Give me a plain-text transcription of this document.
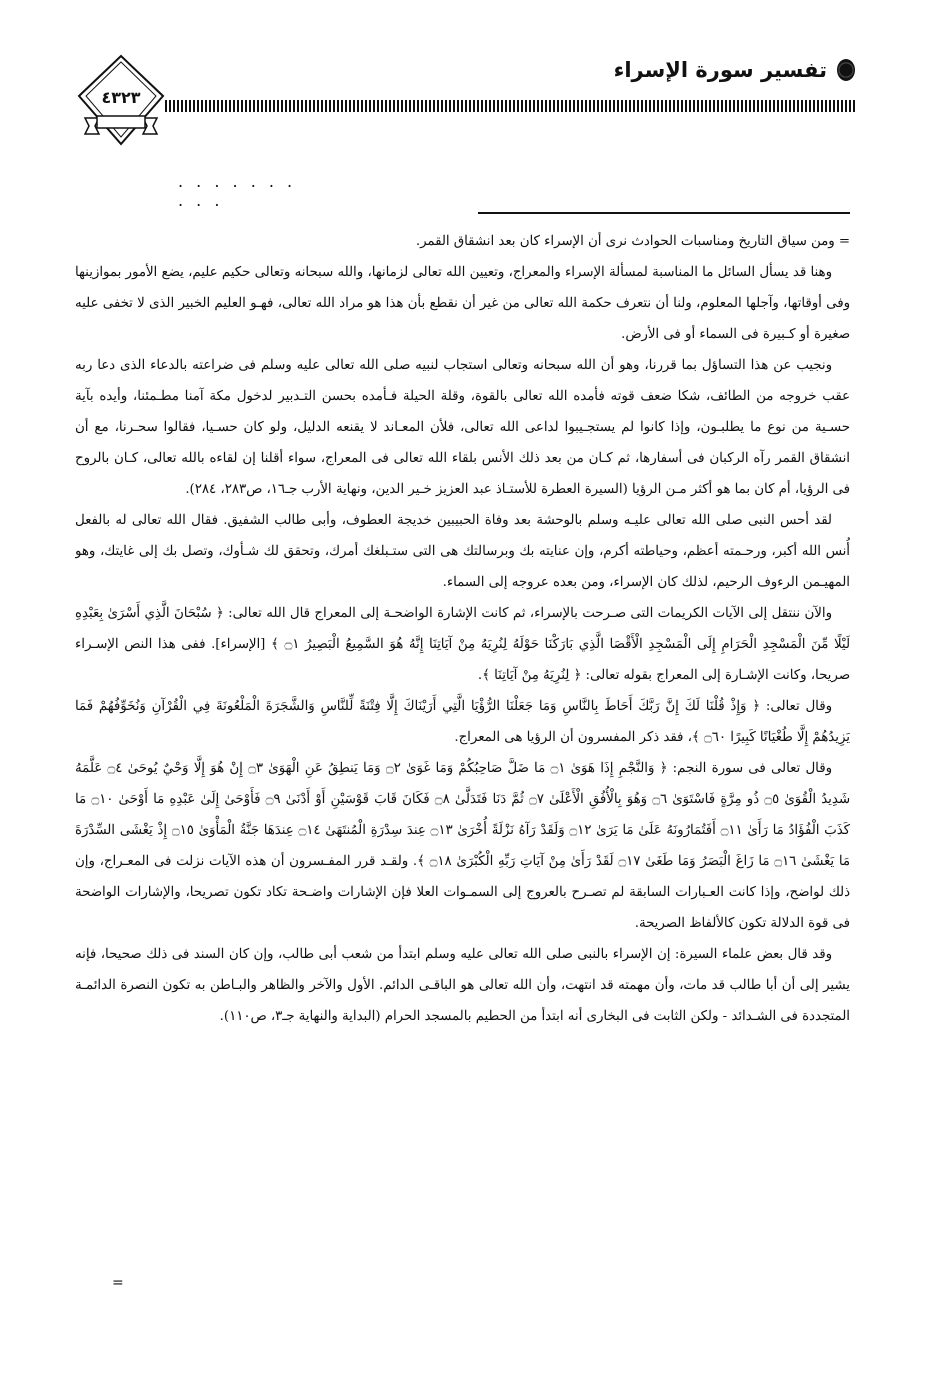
تفسير سورة الإسراء
٤٣٢٣
. . . . . . . . . .

= ومن سياق التاريخ ومناسبات الحوادث نرى أن الإسراء كان بعد انشقاق القمر.

وهنا قد يسأل السائل ما المناسبة لمسألة الإسراء والمعراج، وتعيين الله تعالى لزمانها، والله سبحانه وتعالى حكيم عليم، يضع الأمور بموازينها وفى أوقاتها، وآجلها المعلوم، ولنا أن نتعرف حكمة الله تعالى من غير أن نقطع بأن هذا هو مراد الله تعالى، فهـو العليم الخبير الذى لا تخفى عليه صغيرة أو كـبيرة فى السماء أو فى الأرض.

ونجيب عن هذا التساؤل بما قررنا، وهو أن الله سبحانه وتعالى استجاب لنبيه صلى الله تعالى عليه وسلم فى ضراعته بالدعاء الذى دعا ربه عقب خروجه من الطائف، شكا ضعف قوته فأمده الله تعالى بالقوة، وقلة الحيلة فـأمده بحسن التـدبير لدخول مكة آمنا مطـمئنا، وأيده بآية حسـية من نوع ما يطلبـون، وإذا كانوا لم يستجـيبوا لداعى الله تعالى، فلأن المعـاند لا يقنعه الدليل، ولو كان حسـيا، فقالوا سحـرنا، مع أن انشقاق القمر رآه الركبان فى أسفارها، ثم كـان من بعد ذلك الأنس بلقاء الله تعالى فى المعراج، سواء أقلنا إن لقاءه بالله تعالى، كـان بالروح فى الرؤيا، أم كان بما هو أكثر مـن الرؤيا (السيرة العطرة للأستـاذ عبد العزيز خـير الدين، ونهاية الأرب جـ١٦، ص٢٨٣، ٢٨٤).

لقد أحس النبى صلى الله تعالى عليـه وسلم بالوحشة بعد وفاة الحبيبين خديجة العطوف، وأبى طالب الشفيق. فقال الله تعالى له بالفعل أُنس الله أكبر، ورحـمته أعظم، وحياطته أكرم، وإن عنايته بك وبرسالتك هى التى ستـبلغك أمرك، وتحقق لك شـأوك، وتصل بك إلى غايتك، وهو المهيـمن الرءوف الرحيم، لذلك كان الإسراء، ومن بعده عروجه إلى السماء.

والآن ننتقل إلى الآيات الكريمات التى صـرحت بالإسراء، ثم كانت الإشارة الواضحـة إلى المعراج قال الله تعالى: ﴿ سُبْحَانَ الَّذِي أَسْرَىٰ بِعَبْدِهِ لَيْلًا مِّنَ الْمَسْجِدِ الْحَرَامِ إِلَى الْمَسْجِدِ الْأَقْصَا الَّذِي بَارَكْنَا حَوْلَهُ لِنُرِيَهُ مِنْ آيَاتِنَا إِنَّهُ هُوَ السَّمِيعُ الْبَصِيرُ ۝١ ﴾ [الإسراء]. ففى هذا النص الإسـراء صريحا، وكانت الإشـارة إلى المعراج بقوله تعالى: ﴿ لِنُرِيَهُ مِنْ آيَاتِنَا ﴾.

وقال تعالى: ﴿ وَإِذْ قُلْنَا لَكَ إِنَّ رَبَّكَ أَحَاطَ بِالنَّاسِ وَمَا جَعَلْنَا الرُّؤْيَا الَّتِي أَرَيْنَاكَ إِلَّا فِتْنَةً لِّلنَّاسِ وَالشَّجَرَةَ الْمَلْعُونَةَ فِي الْقُرْآنِ وَنُخَوِّفُهُمْ فَمَا يَزِيدُهُمْ إِلَّا طُغْيَانًا كَبِيرًا ۝٦٠ ﴾، فقد ذكر المفسرون أن الرؤيا هى المعراج.

وقال تعالى فى سورة النجم: ﴿ وَالنَّجْمِ إِذَا هَوَىٰ ۝١ مَا ضَلَّ صَاحِبُكُمْ وَمَا غَوَىٰ ۝٢ وَمَا يَنطِقُ عَنِ الْهَوَىٰ ۝٣ إِنْ هُوَ إِلَّا وَحْيٌ يُوحَىٰ ۝٤ عَلَّمَهُ شَدِيدُ الْقُوَىٰ ۝٥ ذُو مِرَّةٍ فَاسْتَوَىٰ ۝٦ وَهُوَ بِالْأُفُقِ الْأَعْلَىٰ ۝٧ ثُمَّ دَنَا فَتَدَلَّىٰ ۝٨ فَكَانَ قَابَ قَوْسَيْنِ أَوْ أَدْنَىٰ ۝٩ فَأَوْحَىٰ إِلَىٰ عَبْدِهِ مَا أَوْحَىٰ ۝١٠ مَا كَذَبَ الْفُؤَادُ مَا رَأَىٰ ۝١١ أَفَتُمَارُونَهُ عَلَىٰ مَا يَرَىٰ ۝١٢ وَلَقَدْ رَآهُ نَزْلَةً أُخْرَىٰ ۝١٣ عِندَ سِدْرَةِ الْمُنتَهَىٰ ۝١٤ عِندَهَا جَنَّةُ الْمَأْوَىٰ ۝١٥ إِذْ يَغْشَى السِّدْرَةَ مَا يَغْشَىٰ ۝١٦ مَا زَاغَ الْبَصَرُ وَمَا طَغَىٰ ۝١٧ لَقَدْ رَأَىٰ مِنْ آيَاتِ رَبِّهِ الْكُبْرَىٰ ۝١٨ ﴾. ولقـد قرر المفـسرون أن هذه الآيات نزلت فى المعـراج، وإن ذلك لواضح، وإذا كانت العـبارات السابقة لم تصـرح بالعروج إلى السمـوات العلا فإن الإشارات واضـحة تكاد تكون تصريحا، والإشارات الواضحة فى قوة الدلالة تكون كالألفاظ الصريحة.

وقد قال بعض علماء السيرة: إن الإسراء بالنبى صلى الله تعالى عليه وسلم ابتدأ من شعب أبى طالب، وإن كان السند فى ذلك صحيحا، فإنه يشير إلى أن أبا طالب قد مات، وأن مهمته قد انتهت، وأن الله تعالى هو الباقـى الدائم. الأول والآخر والظاهر والبـاطن به تكون النصرة الدائمـة المتجددة فى الشـدائد - ولكن الثابت فى البخارى أنه ابتدأ من الحطيم بالمسجد الحرام (البداية والنهاية جـ٣، ص١١٠).

=
